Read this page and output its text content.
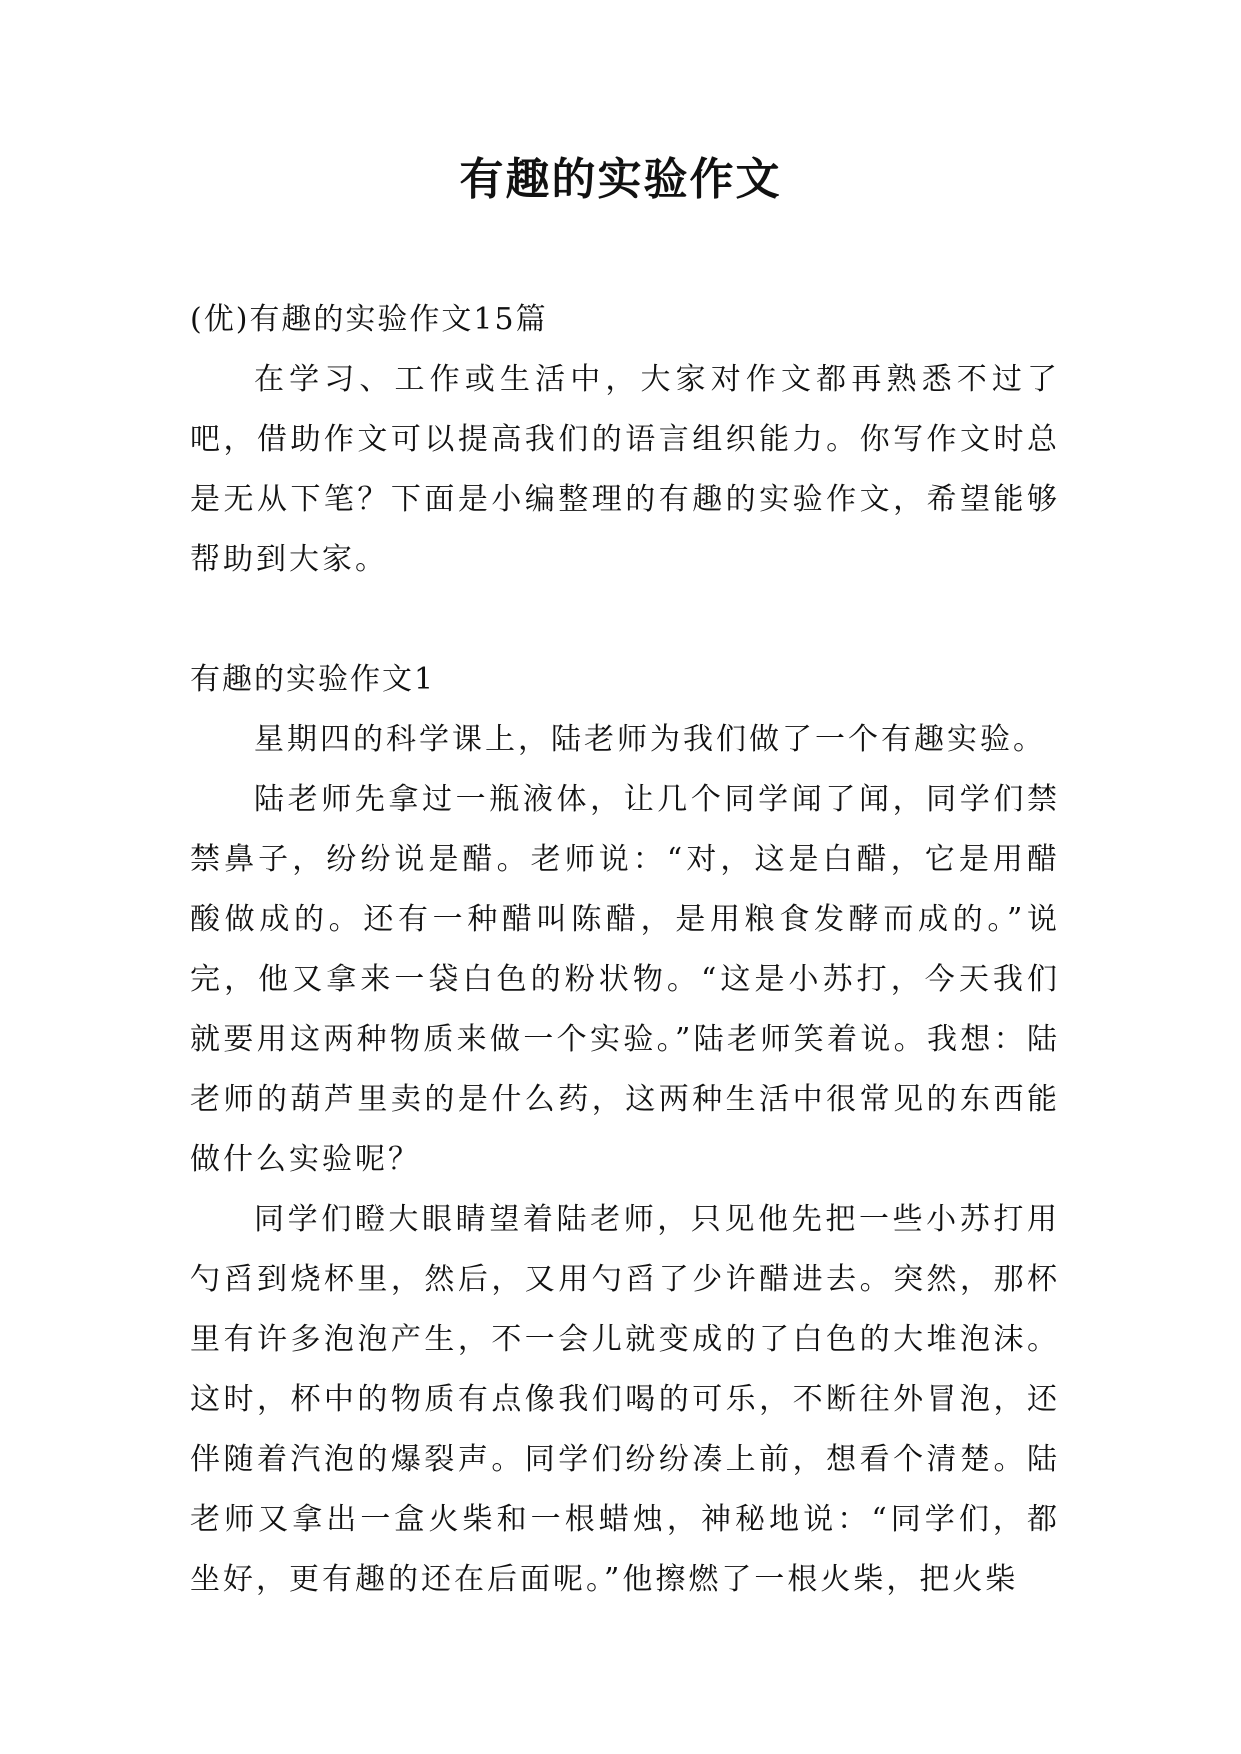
有趣的实验作文

(优)有趣的实验作文15篇

在学习、工作或生活中，大家对作文都再熟悉不过了吧，借助作文可以提高我们的语言组织能力。你写作文时总是无从下笔？下面是小编整理的有趣的实验作文，希望能够帮助到大家。

有趣的实验作文1

星期四的科学课上，陆老师为我们做了一个有趣实验。

陆老师先拿过一瓶液体，让几个同学闻了闻，同学们禁禁鼻子，纷纷说是醋。老师说：“对，这是白醋，它是用醋酸做成的。还有一种醋叫陈醋，是用粮食发酵而成的。”说完，他又拿来一袋白色的粉状物。“这是小苏打，今天我们就要用这两种物质来做一个实验。”陆老师笑着说。我想：陆老师的葫芦里卖的是什么药，这两种生活中很常见的东西能做什么实验呢？

同学们瞪大眼睛望着陆老师，只见他先把一些小苏打用勺舀到烧杯里，然后，又用勺舀了少许醋进去。突然，那杯里有许多泡泡产生，不一会儿就变成的了白色的大堆泡沫。这时，杯中的物质有点像我们喝的可乐，不断往外冒泡，还伴随着汽泡的爆裂声。同学们纷纷凑上前，想看个清楚。陆老师又拿出一盒火柴和一根蜡烛，神秘地说：“同学们，都坐好，更有趣的还在后面呢。”他擦燃了一根火柴，把火柴
